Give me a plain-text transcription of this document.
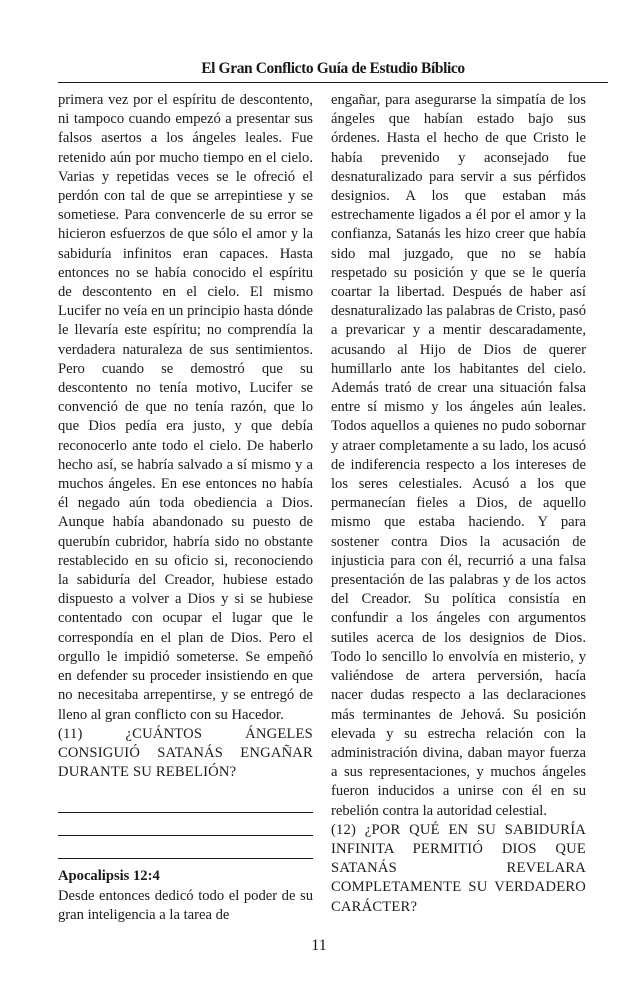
El Gran Conflicto Guía de Estudio Bíblico

primera vez por el espíritu de descontento, ni tampoco cuando empezó a presentar sus falsos asertos a los ángeles leales. Fue retenido aún por mucho tiempo en el cielo. Varias y repetidas veces se le ofreció el perdón con tal de que se arrepintiese y se sometiese. Para convencerle de su error se hicieron esfuerzos de que sólo el amor y la sabiduría infinitos eran capaces. Hasta entonces no se había conocido el espíritu de descontento en el cielo. El mismo Lucifer no veía en un principio hasta dónde le llevaría este espíritu; no comprendía la verdadera naturaleza de sus sentimientos. Pero cuando se demostró que su descontento no tenía motivo, Lucifer se convenció de que no tenía razón, que lo que Dios pedía era justo, y que debía reconocerlo ante todo el cielo. De haberlo hecho así, se habría salvado a sí mismo y a muchos ángeles. En ese entonces no había él negado aún toda obediencia a Dios. Aunque había abandonado su puesto de querubín cubridor, habría sido no obstante restablecido en su oficio si, reconociendo la sabiduría del Creador, hubiese estado dispuesto a volver a Dios y si se hubiese contentado con ocupar el lugar que le correspondía en el plan de Dios. Pero el orgullo le impidió someterse. Se empeñó en defender su proceder insistiendo en que no necesitaba arrepentirse, y se entregó de lleno al gran conflicto con su Hacedor.

(11) ¿CUÁNTOS ÁNGELES CONSIGUIÓ SATANÁS ENGAÑAR DURANTE SU REBELIÓN?

Apocalipsis 12:4

Desde entonces dedicó todo el poder de su gran inteligencia a la tarea de

engañar, para asegurarse la simpatía de los ángeles que habían estado bajo sus órdenes. Hasta el hecho de que Cristo le había prevenido y aconsejado fue desnaturalizado para servir a sus pérfidos designios. A los que estaban más estrechamente ligados a él por el amor y la confianza, Satanás les hizo creer que había sido mal juzgado, que no se había respetado su posición y que se le quería coartar la libertad. Después de haber así desnaturalizado las palabras de Cristo, pasó a prevaricar y a mentir descaradamente, acusando al Hijo de Dios de querer humillarlo ante los habitantes del cielo. Además trató de crear una situación falsa entre sí mismo y los ángeles aún leales. Todos aquellos a quienes no pudo sobornar y atraer completamente a su lado, los acusó de indiferencia respecto a los intereses de los seres celestiales. Acusó a los que permanecían fieles a Dios, de aquello mismo que estaba haciendo. Y para sostener contra Dios la acusación de injusticia para con él, recurrió a una falsa presentación de las palabras y de los actos del Creador. Su política consistía en confundir a los ángeles con argumentos sutiles acerca de los designios de Dios. Todo lo sencillo lo envolvía en misterio, y valiéndose de artera perversión, hacía nacer dudas respecto a las declaraciones más terminantes de Jehová. Su posición elevada y su estrecha relación con la administración divina, daban mayor fuerza a sus representaciones, y muchos ángeles fueron inducidos a unirse con él en su rebelión contra la autoridad celestial.

(12) ¿POR QUÉ EN SU SABIDURÍA INFINITA PERMITIÓ DIOS QUE SATANÁS REVELARA COMPLETAMENTE SU VERDADERO CARÁCTER?

11
